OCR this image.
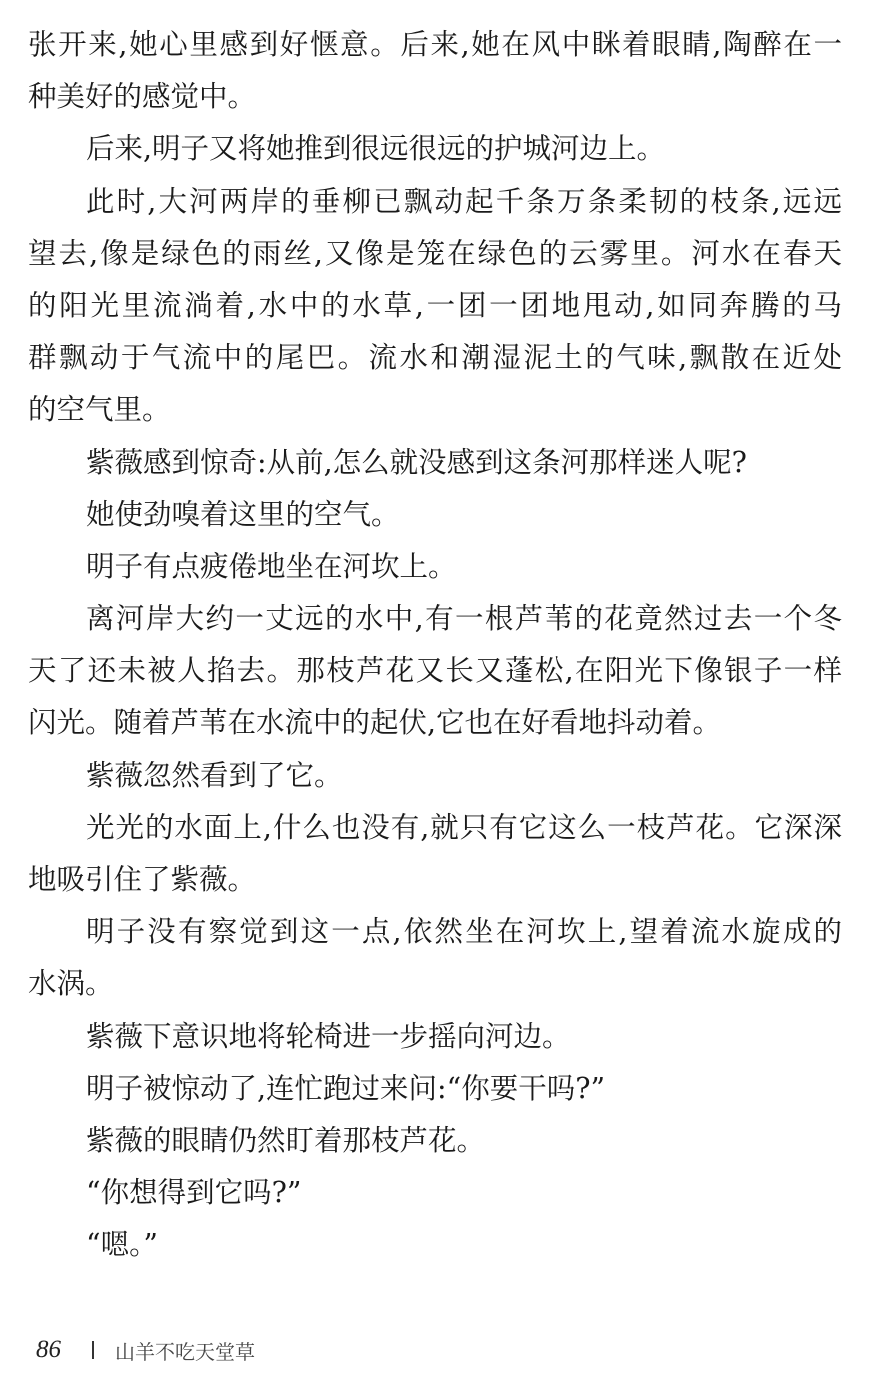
张开来,她心里感到好惬意。后来,她在风中眯着眼睛,陶醉在一
种美好的感觉中。
后来,明子又将她推到很远很远的护城河边上。
此时,大河两岸的垂柳已飘动起千条万条柔韧的枝条,远远
望去,像是绿色的雨丝,又像是笼在绿色的云雾里。河水在春天
的阳光里流淌着,水中的水草,一团一团地甩动,如同奔腾的马
群飘动于气流中的尾巴。流水和潮湿泥土的气味,飘散在近处
的空气里。
紫薇感到惊奇:从前,怎么就没感到这条河那样迷人呢?
她使劲嗅着这里的空气。
明子有点疲倦地坐在河坎上。
离河岸大约一丈远的水中,有一根芦苇的花竟然过去一个冬
天了还未被人掐去。那枝芦花又长又蓬松,在阳光下像银子一样
闪光。随着芦苇在水流中的起伏,它也在好看地抖动着。
紫薇忽然看到了它。
光光的水面上,什么也没有,就只有它这么一枝芦花。它深深
地吸引住了紫薇。
明子没有察觉到这一点,依然坐在河坎上,望着流水旋成的
水涡。
紫薇下意识地将轮椅进一步摇向河边。
明子被惊动了,连忙跑过来问:“你要干吗?”
紫薇的眼睛仍然盯着那枝芦花。
“你想得到它吗?”
“嗯。”
86	山羊不吃天堂草
